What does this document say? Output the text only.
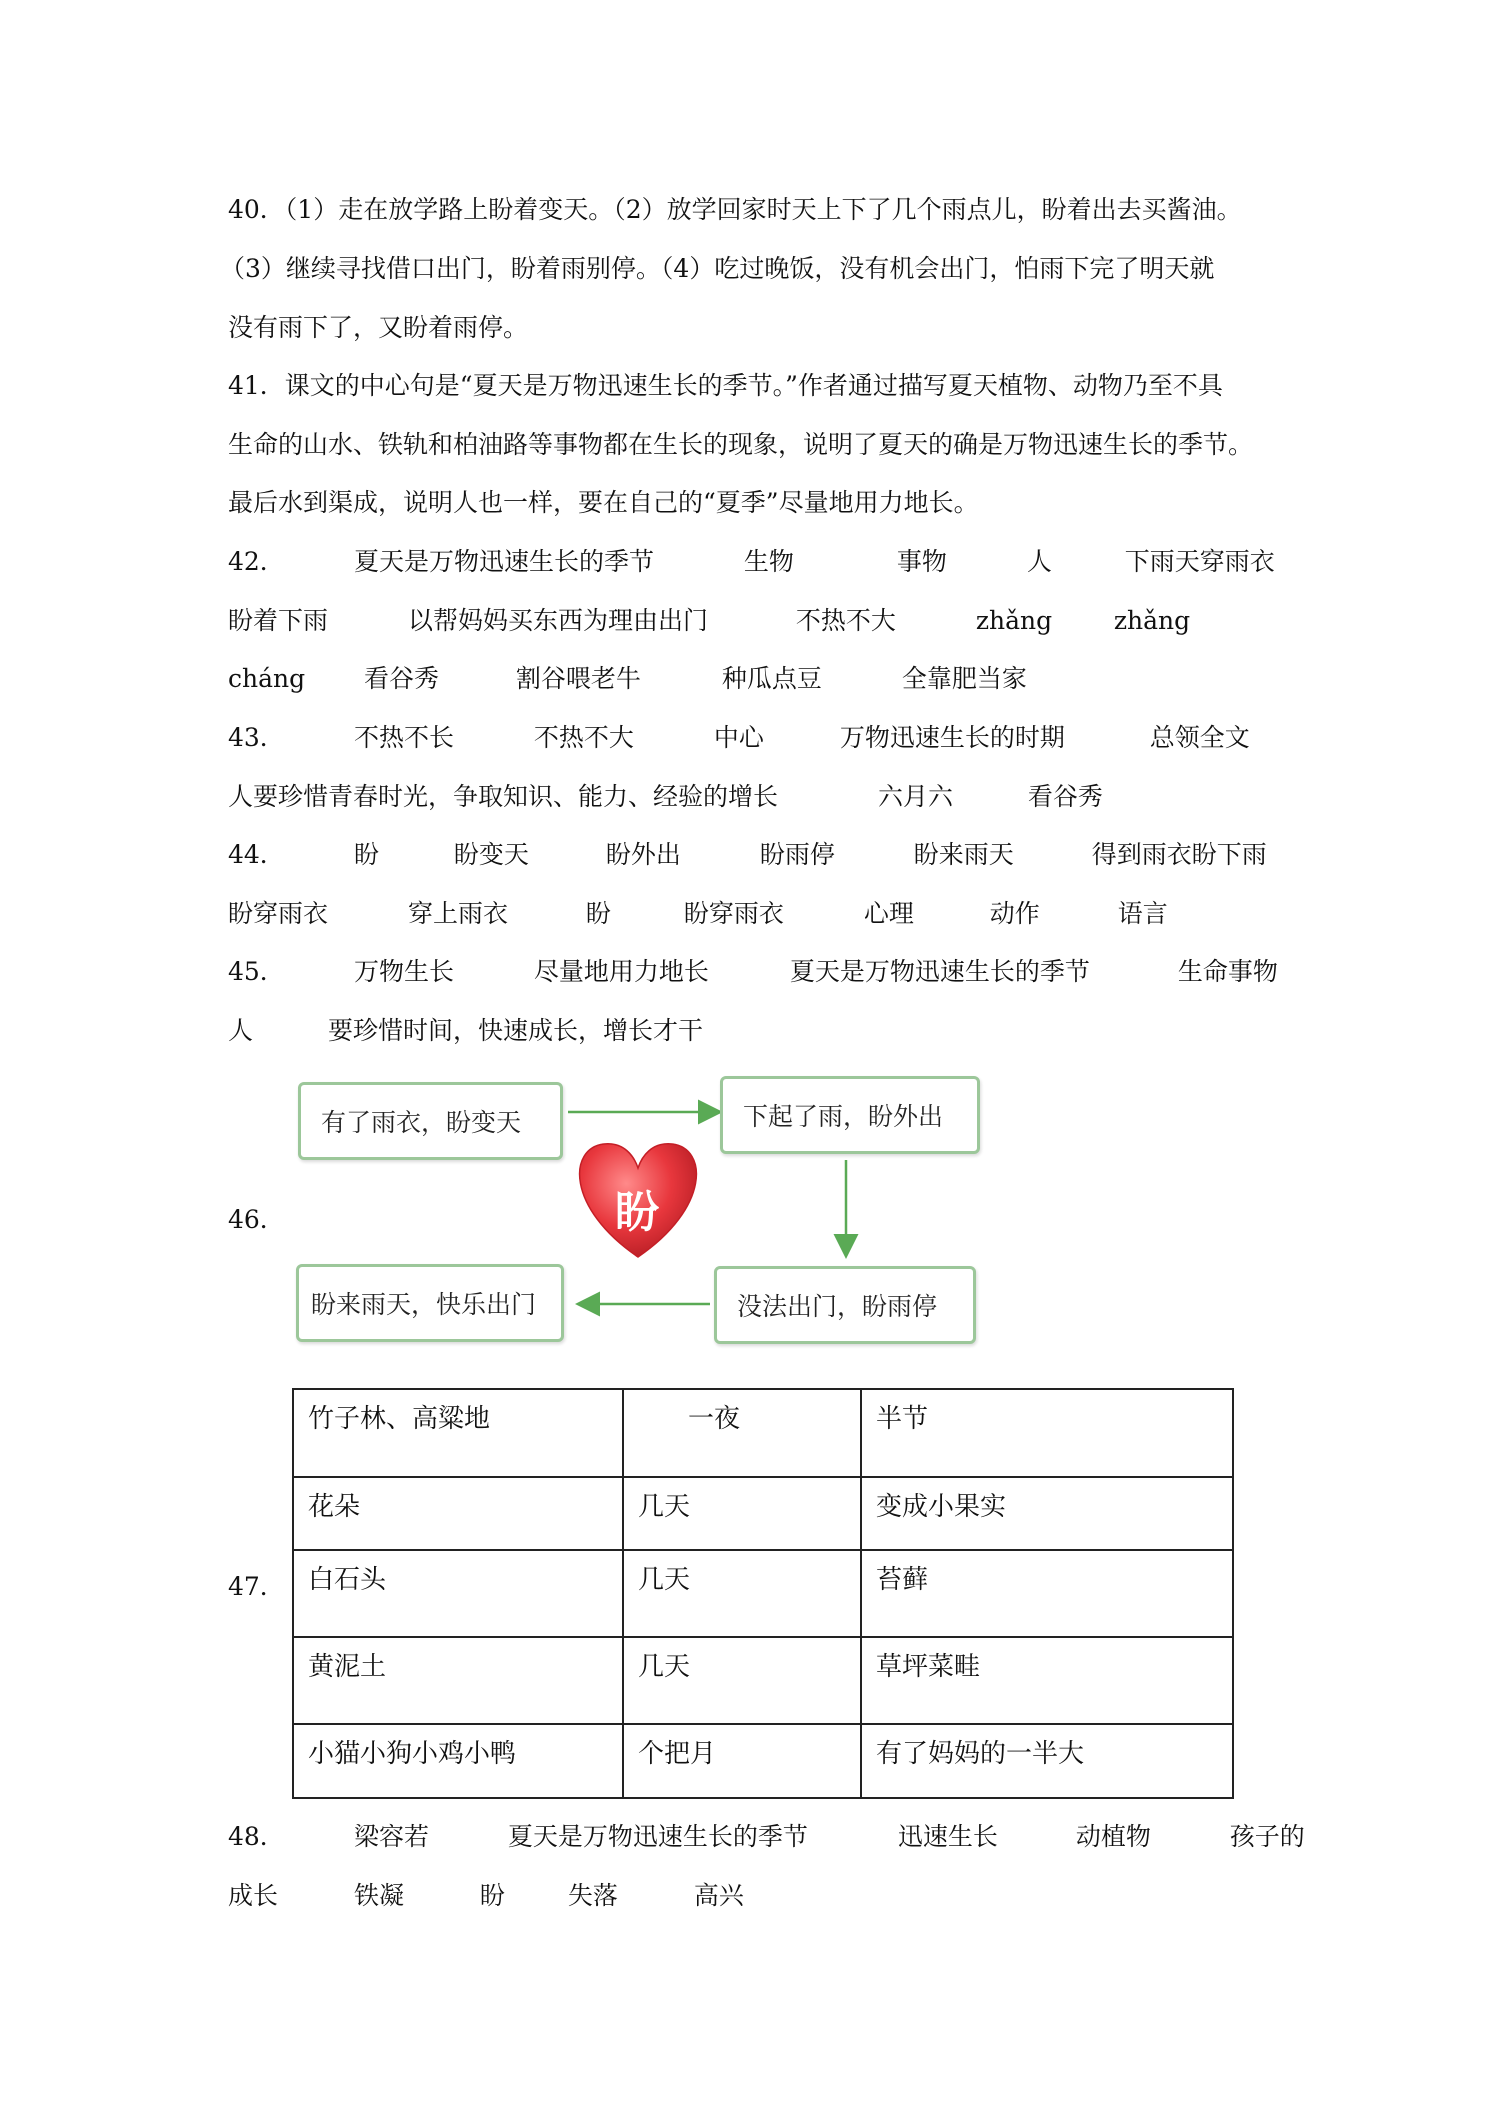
40．（1）走在放学路上盼着变天。（2）放学回家时天上下了几个雨点儿，盼着出去买酱油。
（3）继续寻找借口出门，盼着雨别停。（4）吃过晚饭，没有机会出门，怕雨下完了明天就
没有雨下了，又盼着雨停。
41．课文的中心句是“夏天是万物迅速生长的季节。”作者通过描写夏天植物、动物乃至不具
生命的山水、铁轨和柏油路等事物都在生长的现象，说明了夏天的确是万物迅速生长的季节。
最后水到渠成，说明人也一样，要在自己的“夏季”尽量地用力地长。
42．	夏天是万物迅速生长的季节	生物	事物	人	下雨天穿雨衣
盼着下雨	以帮妈妈买东西为理由出门	不热不大	zhǎng zhǎng
cháng 看谷秀	割谷喂老牛	种瓜点豆	全靠肥当家
43．	不热不长	不热不大	中心	万物迅速生长的时期	总领全文
人要珍惜青春时光，争取知识、能力、经验的增长	六月六	看谷秀
44．	盼	盼变天	盼外出	盼雨停	盼来雨天	得到雨衣盼下雨
盼穿雨衣	穿上雨衣	盼	盼穿雨衣	心理	动作	语言
45．	万物生长	尽量地用力地长	夏天是万物迅速生长的季节	生命事物
人	要珍惜时间，快速成长，增长才干
46．	盼
有了雨衣，盼变天	下起了雨，盼外出
没法出门，盼雨停
盼来雨天，快乐出门
47．
竹子林、高粱地	一夜	半节
花朵	几天	变成小果实
白石头	几天	苔藓
黄泥土	几天	草坪菜畦
小猫小狗小鸡小鸭	个把月	有了妈妈的一半大
48．	梁容若	夏天是万物迅速生长的季节	迅速生长	动植物	孩子的
成长	铁凝	盼	失落	高兴
